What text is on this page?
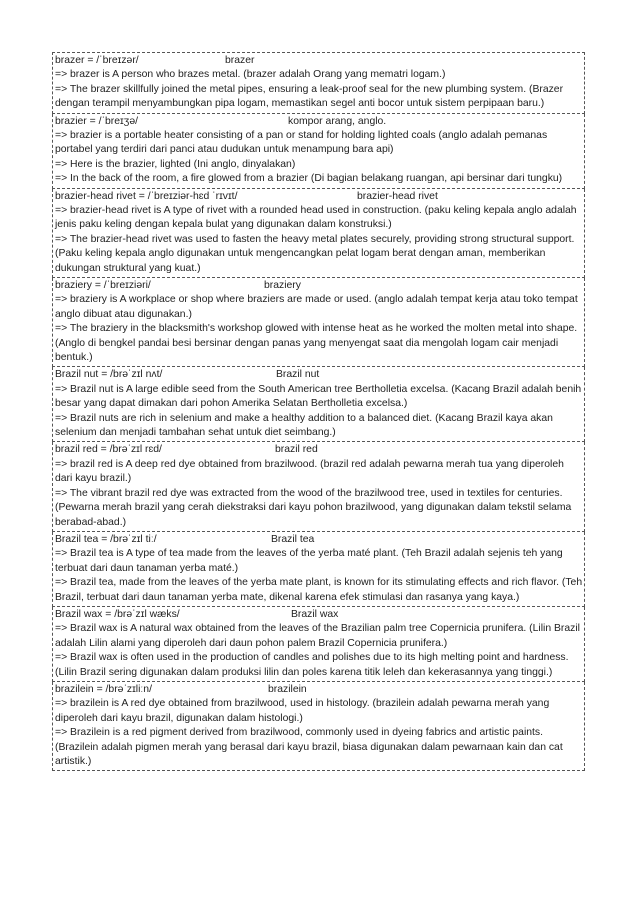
brazer = /ˈbreɪzər/	brazer

=> brazer is A person who brazes metal. (brazer adalah Orang yang mematri logam.)

=> The brazer skillfully joined the metal pipes, ensuring a leak-proof seal for the new plumbing system. (Brazer dengan terampil menyambungkan pipa logam, memastikan segel anti bocor untuk sistem perpipaan baru.)

brazier = /ˈbreɪʒə/	kompor arang, anglo.

=> brazier is a portable heater consisting of a pan or stand for holding lighted coals (anglo adalah pemanas portabel yang terdiri dari panci atau dudukan untuk menampung bara api)

=> Here is the brazier, lighted (Ini anglo, dinyalakan)

=> In the back of the room, a fire glowed from a brazier (Di bagian belakang ruangan, api bersinar dari tungku)

brazier-head rivet = /ˈbreɪziər-hɛd ˈrɪvɪt/	brazier-head rivet

=> brazier-head rivet is A type of rivet with a rounded head used in construction. (paku keling kepala anglo adalah jenis paku keling dengan kepala bulat yang digunakan dalam konstruksi.)

=> The brazier-head rivet was used to fasten the heavy metal plates securely, providing strong structural support. (Paku keling kepala anglo digunakan untuk mengencangkan pelat logam berat dengan aman, memberikan dukungan struktural yang kuat.)

braziery = /ˈbreɪziəri/	braziery

=> braziery is A workplace or shop where braziers are made or used. (anglo adalah tempat kerja atau toko tempat anglo dibuat atau digunakan.)

=> The braziery in the blacksmith's workshop glowed with intense heat as he worked the molten metal into shape. (Anglo di bengkel pandai besi bersinar dengan panas yang menyengat saat dia mengolah logam cair menjadi bentuk.)

Brazil nut = /brəˈzɪl nʌt/	Brazil nut

=> Brazil nut is A large edible seed from the South American tree Bertholletia excelsa. (Kacang Brazil adalah benih besar yang dapat dimakan dari pohon Amerika Selatan Bertholletia excelsa.)

=> Brazil nuts are rich in selenium and make a healthy addition to a balanced diet. (Kacang Brazil kaya akan selenium dan menjadi tambahan sehat untuk diet seimbang.)

brazil red = /brəˈzɪl rɛd/	brazil red

=> brazil red is A deep red dye obtained from brazilwood. (brazil red adalah pewarna merah tua yang diperoleh dari kayu brazil.)

=> The vibrant brazil red dye was extracted from the wood of the brazilwood tree, used in textiles for centuries. (Pewarna merah brazil yang cerah diekstraksi dari kayu pohon brazilwood, yang digunakan dalam tekstil selama berabad-abad.)

Brazil tea = /brəˈzɪl tiː/	Brazil tea

=> Brazil tea is A type of tea made from the leaves of the yerba maté plant. (Teh Brazil adalah sejenis teh yang terbuat dari daun tanaman yerba maté.)

=> Brazil tea, made from the leaves of the yerba mate plant, is known for its stimulating effects and rich flavor. (Teh Brazil, terbuat dari daun tanaman yerba mate, dikenal karena efek stimulasi dan rasanya yang kaya.)

Brazil wax = /brəˈzɪl wæks/	Brazil wax

=> Brazil wax is A natural wax obtained from the leaves of the Brazilian palm tree Copernicia prunifera. (Lilin Brazil adalah Lilin alami yang diperoleh dari daun pohon palem Brazil Copernicia prunifera.)

=> Brazil wax is often used in the production of candles and polishes due to its high melting point and hardness. (Lilin Brazil sering digunakan dalam produksi lilin dan poles karena titik leleh dan kekerasannya yang tinggi.)

brazilein = /brəˈzɪliːn/	brazilein

=> brazilein is A red dye obtained from brazilwood, used in histology. (brazilein adalah pewarna merah yang diperoleh dari kayu brazil, digunakan dalam histologi.)

=> Brazilein is a red pigment derived from brazilwood, commonly used in dyeing fabrics and artistic paints. (Brazilein adalah pigmen merah yang berasal dari kayu brazil, biasa digunakan dalam pewarnaan kain dan cat artistik.)
